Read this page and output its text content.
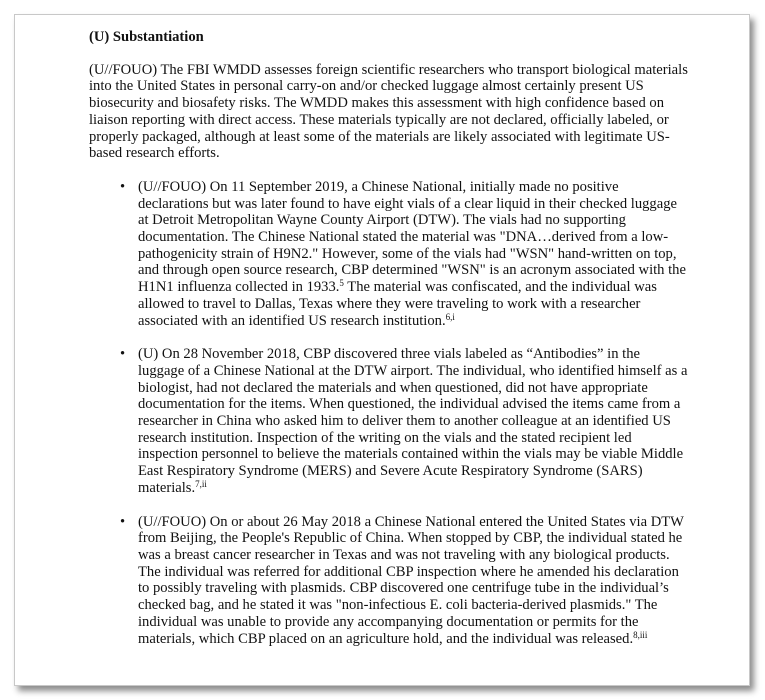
(U) Substantiation

(U//FOUO) The FBI WMDD assesses foreign scientific researchers who transport biological materials into the United States in personal carry-on and/or checked luggage almost certainly present US biosecurity and biosafety risks. The WMDD makes this assessment with high confidence based on liaison reporting with direct access. These materials typically are not declared, officially labeled, or properly packaged, although at least some of the materials are likely associated with legitimate US-based research efforts.

• (U//FOUO) On 11 September 2019, a Chinese National, initially made no positive declarations but was later found to have eight vials of a clear liquid in their checked luggage at Detroit Metropolitan Wayne County Airport (DTW). The vials had no supporting documentation. The Chinese National stated the material was "DNA…derived from a low-pathogenicity strain of H9N2." However, some of the vials had "WSN" hand-written on top, and through open source research, CBP determined "WSN" is an acronym associated with the H1N1 influenza collected in 1933.$^5$ The material was confiscated, and the individual was allowed to travel to Dallas, Texas where they were traveling to work with a researcher associated with an identified US research institution.$^{6,i}$
• (U) On 28 November 2018, CBP discovered three vials labeled as “Antibodies” in the luggage of a Chinese National at the DTW airport. The individual, who identified himself as a biologist, had not declared the materials and when questioned, did not have appropriate documentation for the items. When questioned, the individual advised the items came from a researcher in China who asked him to deliver them to another colleague at an identified US research institution. Inspection of the writing on the vials and the stated recipient led inspection personnel to believe the materials contained within the vials may be viable Middle East Respiratory Syndrome (MERS) and Severe Acute Respiratory Syndrome (SARS) materials.$^{7,ii}$
• (U//FOUO) On or about 26 May 2018 a Chinese National entered the United States via DTW from Beijing, the People's Republic of China. When stopped by CBP, the individual stated he was a breast cancer researcher in Texas and was not traveling with any biological products. The individual was referred for additional CBP inspection where he amended his declaration to possibly traveling with plasmids. CBP discovered one centrifuge tube in the individual’s checked bag, and he stated it was "non-infectious E. coli bacteria-derived plasmids." The individual was unable to provide any accompanying documentation or permits for the materials, which CBP placed on an agriculture hold, and the individual was released.$^{8,iii}$
